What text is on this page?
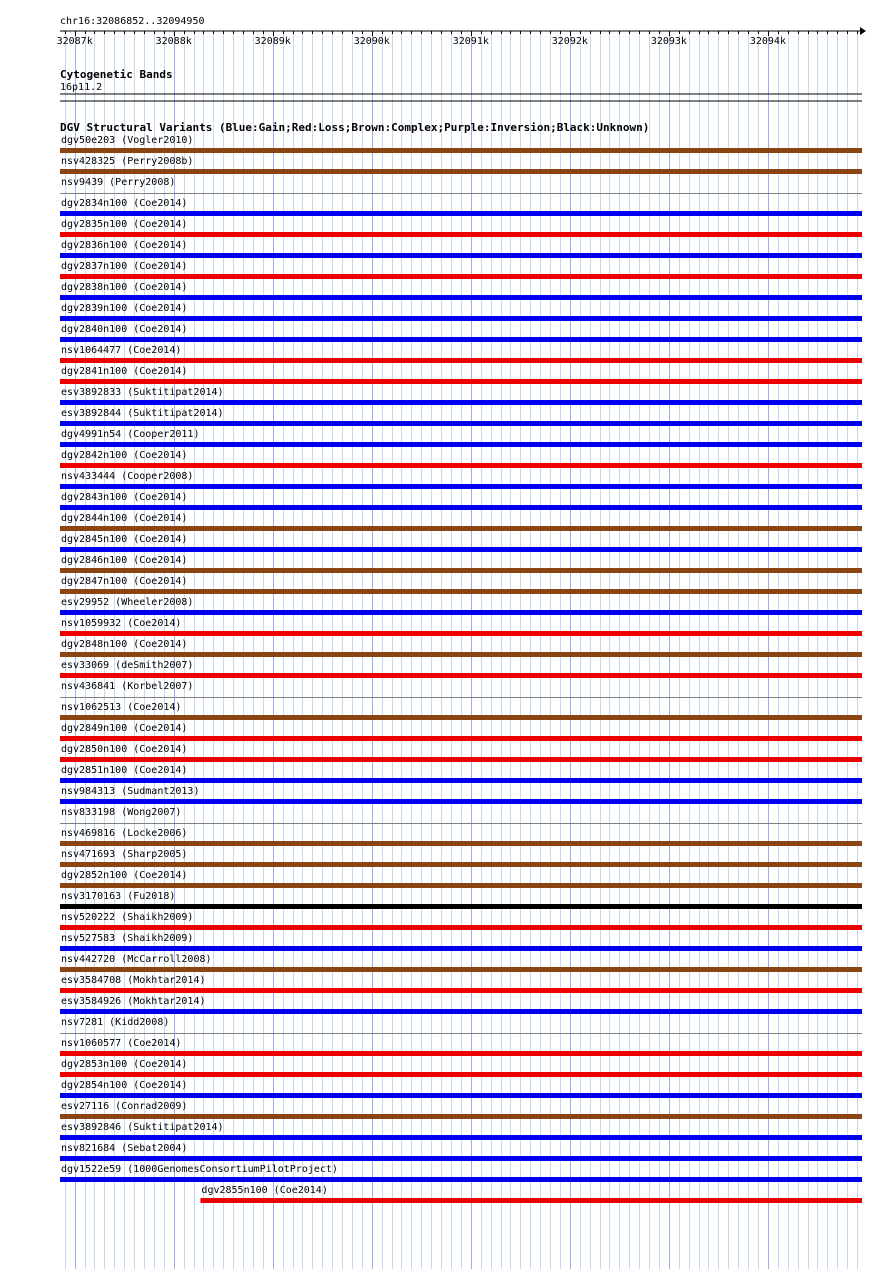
chr16:32086852..32094950
32087k	32088k	32089k	32090k	32091k	32092k	32093k	32094k
Cytogenetic Bands
16p11.2
DGV Structural Variants (Blue:Gain;Red:Loss;Brown:Complex;Purple:Inversion;Black:Unknown)
dgv50e203 (Vogler2010)
nsv428325 (Perry2008b)
nsv9439 (Perry2008)
dgv2834n100 (Coe2014)
dgv2835n100 (Coe2014)
dgv2836n100 (Coe2014)
dgv2837n100 (Coe2014)
dgv2838n100 (Coe2014)
dgv2839n100 (Coe2014)
dgv2840n100 (Coe2014)
nsv1064477 (Coe2014)
dgv2841n100 (Coe2014)
esv3892833 (Suktitipat2014)
esv3892844 (Suktitipat2014)
dgv4991n54 (Cooper2011)
dgv2842n100 (Coe2014)
nsv433444 (Cooper2008)
dgv2843n100 (Coe2014)
dgv2844n100 (Coe2014)
dgv2845n100 (Coe2014)
dgv2846n100 (Coe2014)
dgv2847n100 (Coe2014)
esv29952 (Wheeler2008)
nsv1059932 (Coe2014)
dgv2848n100 (Coe2014)
esv33069 (deSmith2007)
nsv436841 (Korbel2007)
nsv1062513 (Coe2014)
dgv2849n100 (Coe2014)
dgv2850n100 (Coe2014)
dgv2851n100 (Coe2014)
nsv984313 (Sudmant2013)
nsv833198 (Wong2007)
nsv469816 (Locke2006)
nsv471693 (Sharp2005)
dgv2852n100 (Coe2014)
nsv3170163 (Fu2018)
nsv520222 (Shaikh2009)
nsv527583 (Shaikh2009)
nsv442720 (McCarroll2008)
esv3584708 (Mokhtar2014)
esv3584926 (Mokhtar2014)
nsv7281 (Kidd2008)
nsv1060577 (Coe2014)
dgv2853n100 (Coe2014)
dgv2854n100 (Coe2014)
esv27116 (Conrad2009)
esv3892846 (Suktitipat2014)
nsv821684 (Sebat2004)
dgv1522e59 (1000GenomesConsortiumPilotProject)
dgv2855n100 (Coe2014)
